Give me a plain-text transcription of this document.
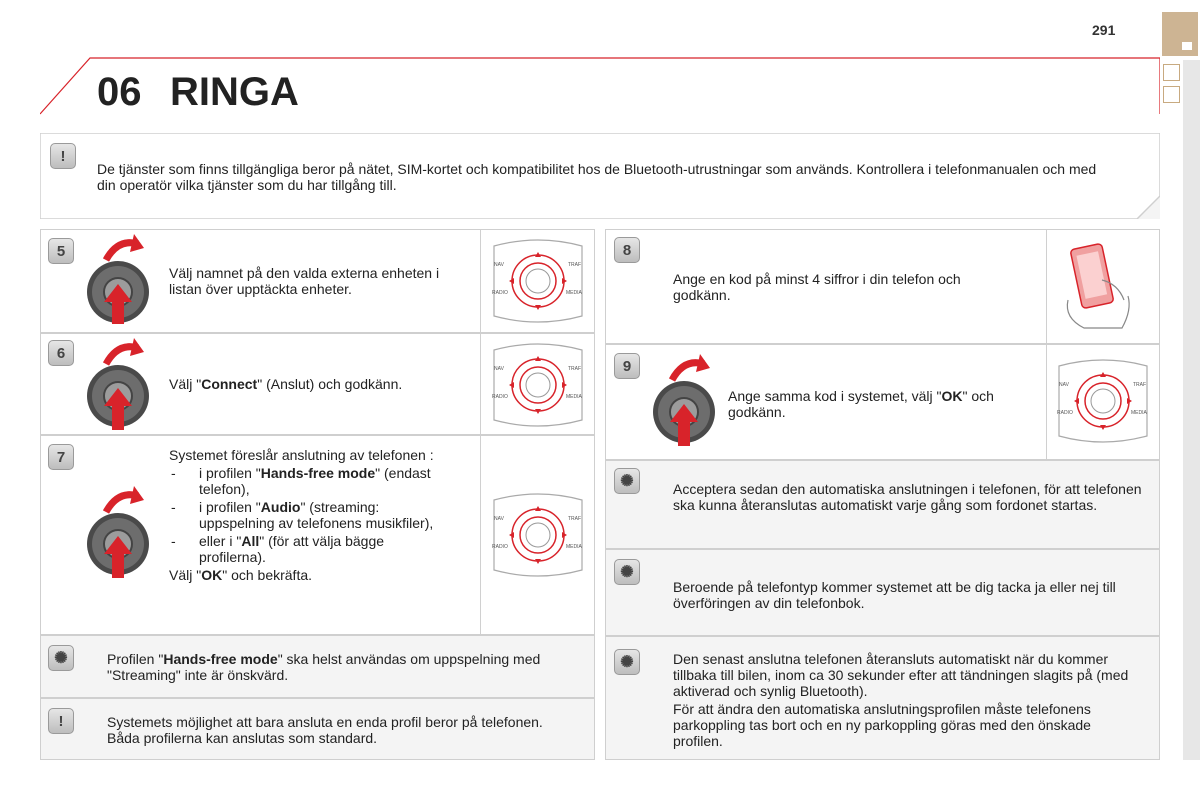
291
06 RINGA
!
De tjänster som finns tillgängliga beror på nätet, SIM-kortet och kompatibilitet hos de Bluetooth-utrustningar som används. Kontrollera i telefonmanualen och med din operatör vilka tjänster som du har tillgång till.
5
6
7
NAV	TRAF
RADIO	MEDIA
NAV	TRAF
RADIO	MEDIA
NAV	TRAF
RADIO	MEDIA
Välj namnet på den valda externa enheten i listan över upptäckta enheter.
Välj "Connect" (Anslut) och godkänn.

Systemet föreslår anslutning av telefonen :

- i profilen "Hands-free mode" (endast telefon),
- i profilen "Audio" (streaming: uppspelning av telefonens musikfiler),
- eller i "All" (för att välja bägge profilerna).

Välj "OK" och bekräfta.

✺	Profilen "Hands-free mode" ska helst användas om uppspelning med "Streaming" inte är önskvärd.
!	Systemets möjlighet att bara ansluta en enda profil beror på telefonen. Båda profilerna kan anslutas som standard.
8
9
NAV	TRAF
RADIO	MEDIA
Ange en kod på minst 4 siffror i din telefon och godkänn.
Ange samma kod i systemet, välj "OK" och godkänn.
✺	Acceptera sedan den automatiska anslutningen i telefonen, för att telefonen ska kunna återanslutas automatiskt varje gång som fordonet startas.
✺
Beroende på telefontyp kommer systemet att be dig tacka ja eller nej till överföringen av din telefonbok.
✺	Den senast anslutna telefonen återansluts automatiskt när du kommer tillbaka till bilen, inom ca 30 sekunder efter att tändningen slagits på (med aktiverad och synlig Bluetooth).

För att ändra den automatiska anslutningsprofilen måste telefonens parkoppling tas bort och en ny parkoppling göras med den önskade profilen.
